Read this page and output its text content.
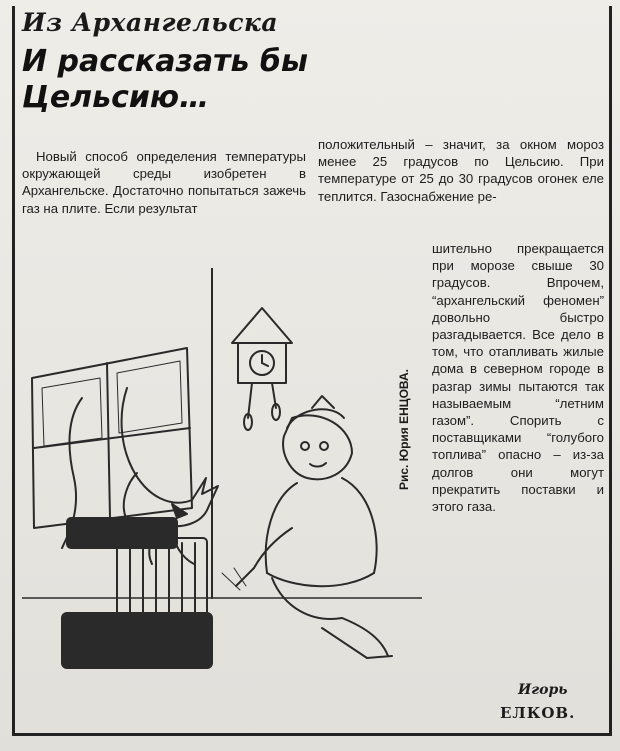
Из Архангельска
И рассказать бы Цельсию…

Новый способ определения температуры окружающей среды изобретен в Архангельске. Достаточно попытаться зажечь газ на плите. Если результат

положительный – значит, за окном мороз менее 25 градусов по Цельсию. При температуре от 25 до 30 градусов огонек еле теплится. Газоснабжение ре-

шительно прекращается при морозе свыше 30 градусов. Впрочем, “архангельский феномен” довольно быстро разгадывается. Все дело в том, что отапливать жилые дома в северном городе в разгар зимы пытаются так называемым “летним газом”. Спорить с поставщиками “голубого топлива” опасно – из-за долгов они могут прекратить поставки и этого газа.

Рис. Юрия ЕНЦОВА.
Игорь
ЕЛКОВ.
